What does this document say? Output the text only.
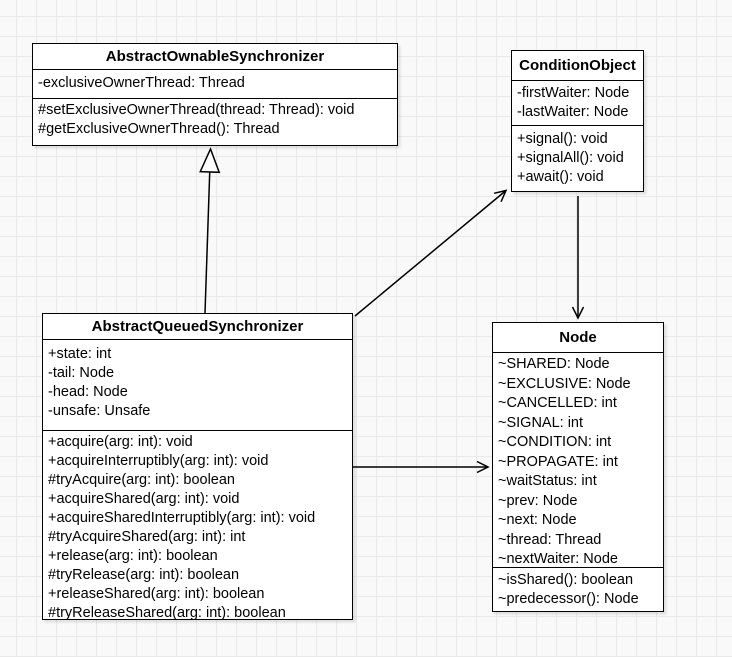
AbstractOwnableSynchronizer
-exclusiveOwnerThread: Thread
#setExclusiveOwnerThread(thread: Thread): void
#getExclusiveOwnerThread(): Thread
ConditionObject
-firstWaiter: Node
-lastWaiter: Node
+signal(): void
+signalAll(): void
+await(): void
AbstractQueuedSynchronizer
+state: int
-tail: Node
-head: Node
-unsafe: Unsafe
+acquire(arg: int): void
+acquireInterruptibly(arg: int): void
#tryAcquire(arg: int): boolean
+acquireShared(arg: int): void
+acquireSharedInterruptibly(arg: int): void
#tryAcquireShared(arg: int): int
+release(arg: int): boolean
#tryRelease(arg: int): boolean
+releaseShared(arg: int): boolean
#tryReleaseShared(arg: int): boolean
Node
~SHARED: Node
~EXCLUSIVE: Node
~CANCELLED: int
~SIGNAL: int
~CONDITION: int
~PROPAGATE: int
~waitStatus: int
~prev: Node
~next: Node
~thread: Thread
~nextWaiter: Node
~isShared(): boolean
~predecessor(): Node
